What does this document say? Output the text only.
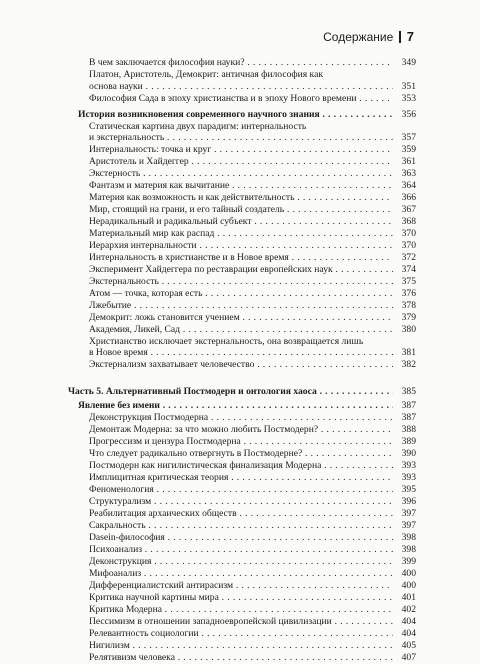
Содержание 7
В чем заключается философия науки? . . .	349
Платон, Аристотель, Демокрит: античная философия как
основа науки . . .	351
Философия Сада в эпоху христианства и в эпоху Нового времени . . .	353
История возникновения современного научного знания . . .	356
Статическая картина двух парадигм: интернальность
и экстернальность . . .	357
Интернальность: точка и круг . . .	359
Аристотель и Хайдеггер . . .	361
Экстерность . . .	363
Фантазм и материя как вычитание . . .	364
Материя как возможность и как действительность . . .	366
Мир, стоящий на грани, и его тайный создатель . . .	367
Нерадикальный и радикальный субъект . . .	368
Материальный мир как распад . . .	370
Иерархия интернальности . . .	370
Интернальность в христианстве и в Новое время . . .	372
Эксперимент Хайдеггера по реставрации европейских наук . . .	374
Экстернальность . . .	375
Атом — точка, которая есть . . .	376
Лжебытие . . .	378
Демокрит: ложь становится учением . . .	379
Академия, Ликей, Сад . . .	380
Христианство исключает экстернальность, она возвращается лишь
в Новое время . . .	381
Экстернализм захватывает человечество . . .	382
Часть 5. Альтернативный Постмодерн и онтология хаоса . . .	385
Явление без имени . . .	387
Деконструкция Постмодерна . . .	387
Демонтаж Модерна: за что можно любить Постмодерн? . . .	388
Прогрессизм и цензура Постмодерна . . .	389
Что следует радикально отвергнуть в Постмодерне? . . .	390
Постмодерн как нигилистическая финализация Модерна . . .	393
Имплицитная критическая теория . . .	393
Феноменология . . .	395
Структурализм . . .	396
Реабилитация архаических обществ . . .	397
Сакральность . . .	397
Dasein-философия . . .	398
Психоанализ . . .	398
Деконструкция . . .	399
Мифоанализ . . .	400
Дифференциалистский антирасизм . . .	400
Критика научной картины мира . . .	401
Критика Модерна . . .	402
Пессимизм в отношении западноевропейской цивилизации . . .	404
Релевантность социологии . . .	404
Нигилизм . . .	405
Релятивизм человека . . .	407
